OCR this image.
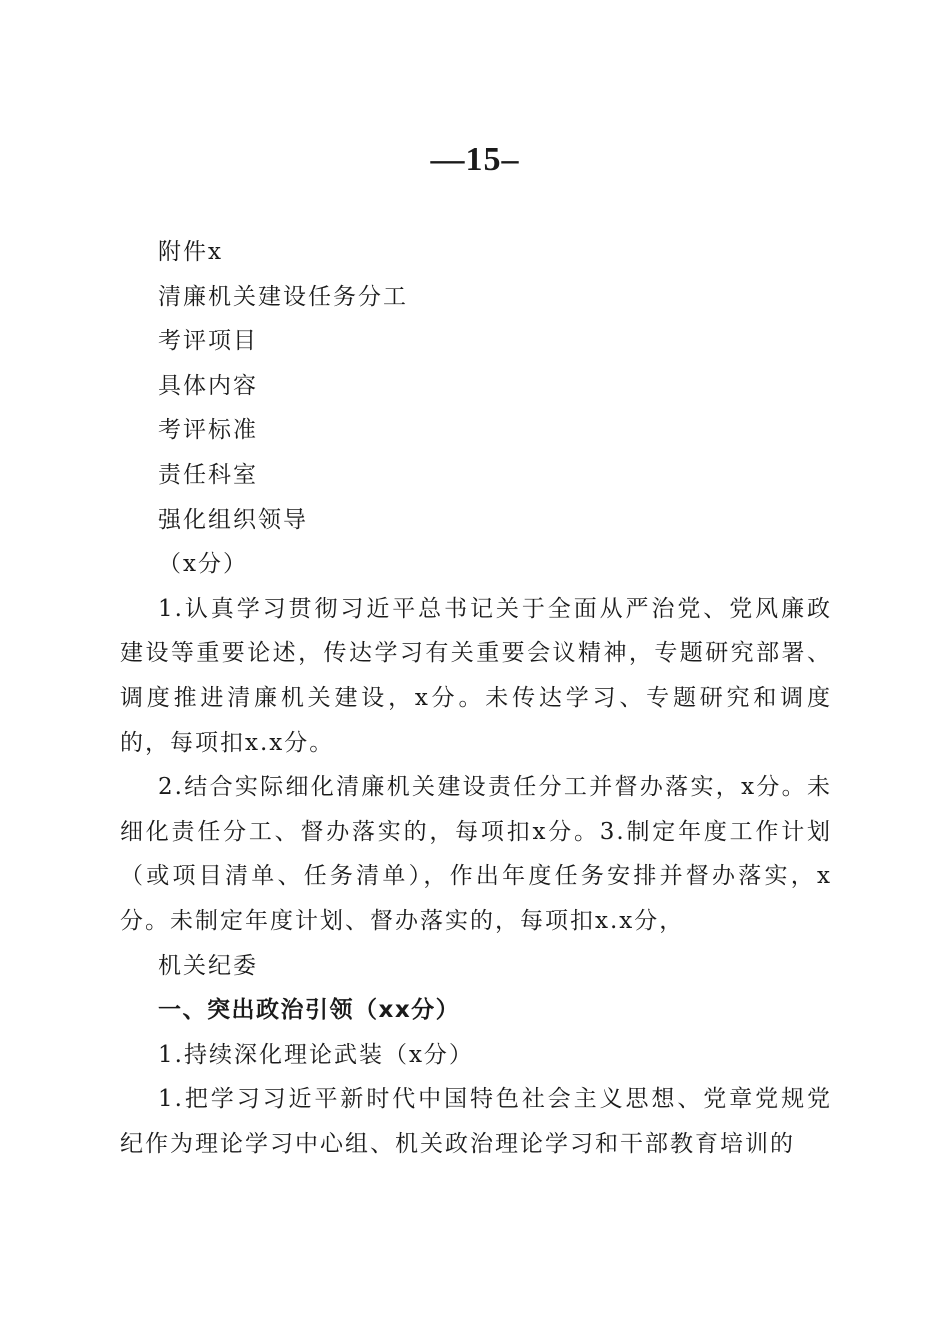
—15–

附件x

清廉机关建设任务分工

考评项目

具体内容

考评标准

责任科室

强化组织领导

（x分）

1.认真学习贯彻习近平总书记关于全面从严治党、党风廉政建设等重要论述，传达学习有关重要会议精神，专题研究部署、调度推进清廉机关建设，x分。未传达学习、专题研究和调度的，每项扣x.x分。

2.结合实际细化清廉机关建设责任分工并督办落实，x分。未细化责任分工、督办落实的，每项扣x分。3.制定年度工作计划（或项目清单、任务清单），作出年度任务安排并督办落实，x分。未制定年度计划、督办落实的，每项扣x.x分，

机关纪委

一、突出政治引领（xx分）

1.持续深化理论武装（x分）

1.把学习习近平新时代中国特色社会主义思想、党章党规党纪作为理论学习中心组、机关政治理论学习和干部教育培训的
